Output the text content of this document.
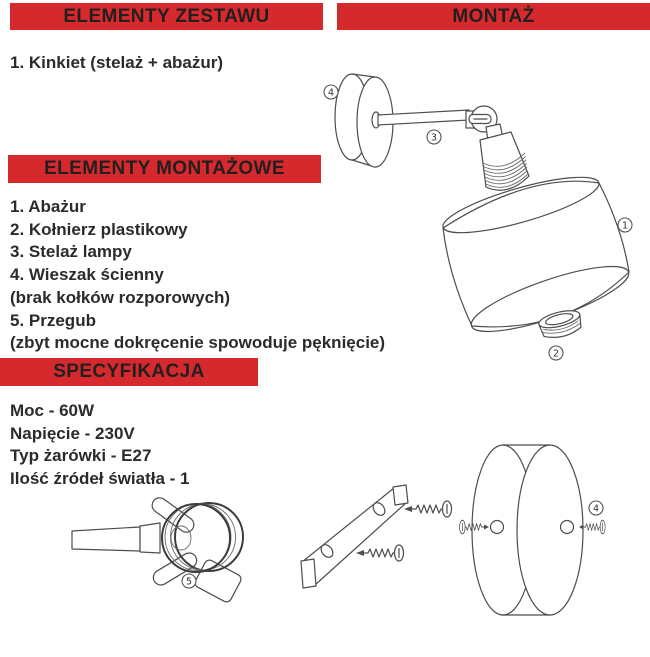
ELEMENTY ZESTAWU	MONTAŻ
ELEMENTY MONTAŻOWE
SPECYFIKACJA
1. Kinkiet (stelaż + abażur)
1. Abażur
2. Kołnierz plastikowy
3. Stelaż lampy
4. Wieszak ścienny
(brak kołków rozporowych)
5. Przegub
(zbyt mocne dokręcenie spowoduje pęknięcie)
Moc - 60W
Napięcie - 230V
Typ żarówki - E27
Ilość źródeł światła - 1
4
3
1
2
5
4
